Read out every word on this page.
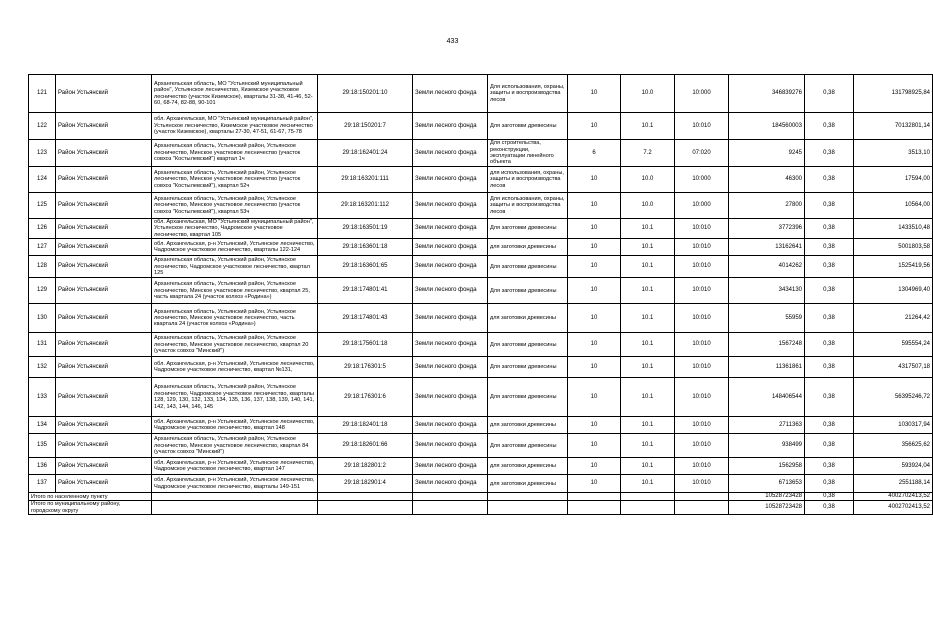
433
121	Район Устьянский	Архангельская область, МО "Устьянский муниципальный район", Устьянское лесничество, Киземское участковое лесничество (участок Киземское), кварталы 31-38, 41-46, 52-60, 68-74, 82-88, 90-101	29:18:150201:10	Земли лесного фонда	Для использования, охраны, защиты и воспроизводства лесов	10	10.0	10:000	346839276	0,38	131798925,84
122	Район Устьянский	обл. Архангельская, МО "Устьянский муниципальный район", Устьянское лесничество, Киземское участковое лесничество (участок Киземское), кварталы 27-30, 47-51, 61-67, 75-78	29:18:150201:7	Земли лесного фонда	Для заготовки древесины	10	10.1	10:010	184560003	0,38	70132801,14
123	Район Устьянский	Архангельская область, Устьянский район, Устьянское лесничество, Минское участковое лесничество (участок совхоз "Костылевский") квартал 1ч	29:18:162401:24	Земли лесного фонда	Для строительства, реконструкции, эксплуатации линейного объекта	6	7.2	07:020	9245	0,38	3513,10
124	Район Устьянский	Архангельская область, Устьянский район, Устьянское лесничество, Минское участковое лесничество (участок совхоз "Костылевский"), квартал 52ч	29:18:163201:111	Земли лесного фонда	для использования, охраны, защиты и воспроизводства лесов	10	10.0	10:000	46300	0,38	17594,00
125	Район Устьянский	Архангельская область, Устьянский район, Устьянское лесничество, Минское участковое лесничество (участок совхоз "Костылевский"), квартал 53ч	29:18:163201:112	Земли лесного фонда	Для использования, охраны, защиты и воспроизводства лесов	10	10.0	10:000	27800	0,38	10564,00
126	Район Устьянский	обл. Архангельская, МО "Устьянский муниципальный район", Устьянское лесничество, Чадромское участковое лесничество, квартал 105	29:18:163501:19	Земли лесного фонда	Для заготовки древесины	10	10.1	10:010	3772396	0,38	1433510,48
127	Район Устьянский	обл. Архангельская, р-н Устьянский, Устьянское лесничество, Чадромское участковое лесничество, кварталы 122-124	29:18:163601:18	Земли лесного фонда	для заготовки древесины	10	10.1	10:010	13162641	0,38	5001803,58
128	Район Устьянский	Архангельская область, Устьянский район, Устьянское лесничество, Чадромское участковое лесничество, квартал 125	29:18:163601:65	Земли лесного фонда	Для заготовки древесины	10	10.1	10:010	4014262	0,38	1525419,56
129	Район Устьянский	Архангельская область, Устьянский район, Устьянское лесничество, Минское участковое лесничество, квартал 25, часть квартала 24 (участок колхоз «Родина»)	29:18:174801:41	Земли лесного фонда	Для заготовки древесины	10	10.1	10:010	3434130	0,38	1304969,40
130	Район Устьянский	Архангельская область, Устьянский район, Устьянское лесничество, Минское участковое лесничество, часть квартала 24 (участок колхоз «Родина»)	29:18:174801:43	Земли лесного фонда	для заготовки древесины	10	10.1	10:010	55959	0,38	21264,42
131	Район Устьянский	Архангельская область, Устьянский район, Устьянское лесничество, Минское участковое лесничество, квартал 20 (участок совхоз "Минский")	29:18:175601:18	Земли лесного фонда	Для заготовки древесины	10	10.1	10:010	1567248	0,38	595554,24
132	Район Устьянский	обл. Архангельская, р-н Устьянский, Устьянское лесничество, Чадромское участковое лесничество, квартал №131,	29:18:176301:5	Земли лесного фонда	Для заготовки древесины	10	10.1	10:010	11361861	0,38	4317507,18
133	Район Устьянский	Архангельская область, Устьянский район, Устьянское лесничество, Чадромское участковое лесничество, кварталы 128, 129, 130, 132, 133, 134, 135, 136, 137, 138, 139, 140, 141, 142, 143, 144, 146, 145	29:18:176301:6	Земли лесного фонда	Для заготовки древесины	10	10.1	10:010	148406544	0,38	56395246,72
134	Район Устьянский	обл. Архангельская, р-н Устьянский, Устьянское лесничество, Чадромское участковое лесничество, квартал 148	29:18:182401:18	Земли лесного фонда	для заготовки древесины	10	10.1	10:010	2711363	0,38	1030317,94
135	Район Устьянский	Архангельская область, Устьянский район, Устьянское лесничество, Минское участковое лесничество, квартал 84 (участок совхоз "Минский")	29:18:182601:66	Земли лесного фонда	Для заготовки древесины	10	10.1	10:010	938499	0,38	356625,62
136	Район Устьянский	обл. Архангельская, р-н Устьянский, Устьянское лесничество, Чадромское участковое лесничество, квартал 147	29:18:182801:2	Земли лесного фонда	для заготовки древесины	10	10.1	10:010	1562958	0,38	593924,04
137	Район Устьянский	обл. Архангельская, р-н Устьянский, Устьянское лесничество, Чадромское участковое лесничество, кварталы 149-151	29:18:182901:4	Земли лесного фонда	для заготовки древесины	10	10.1	10:010	6713653	0,38	2551188,14
Итого по населенному пункту									10528723428	0,38	4002702413,52
Итого по муниципальному району, городскому округу									10528723428	0,38	4002702413,52
